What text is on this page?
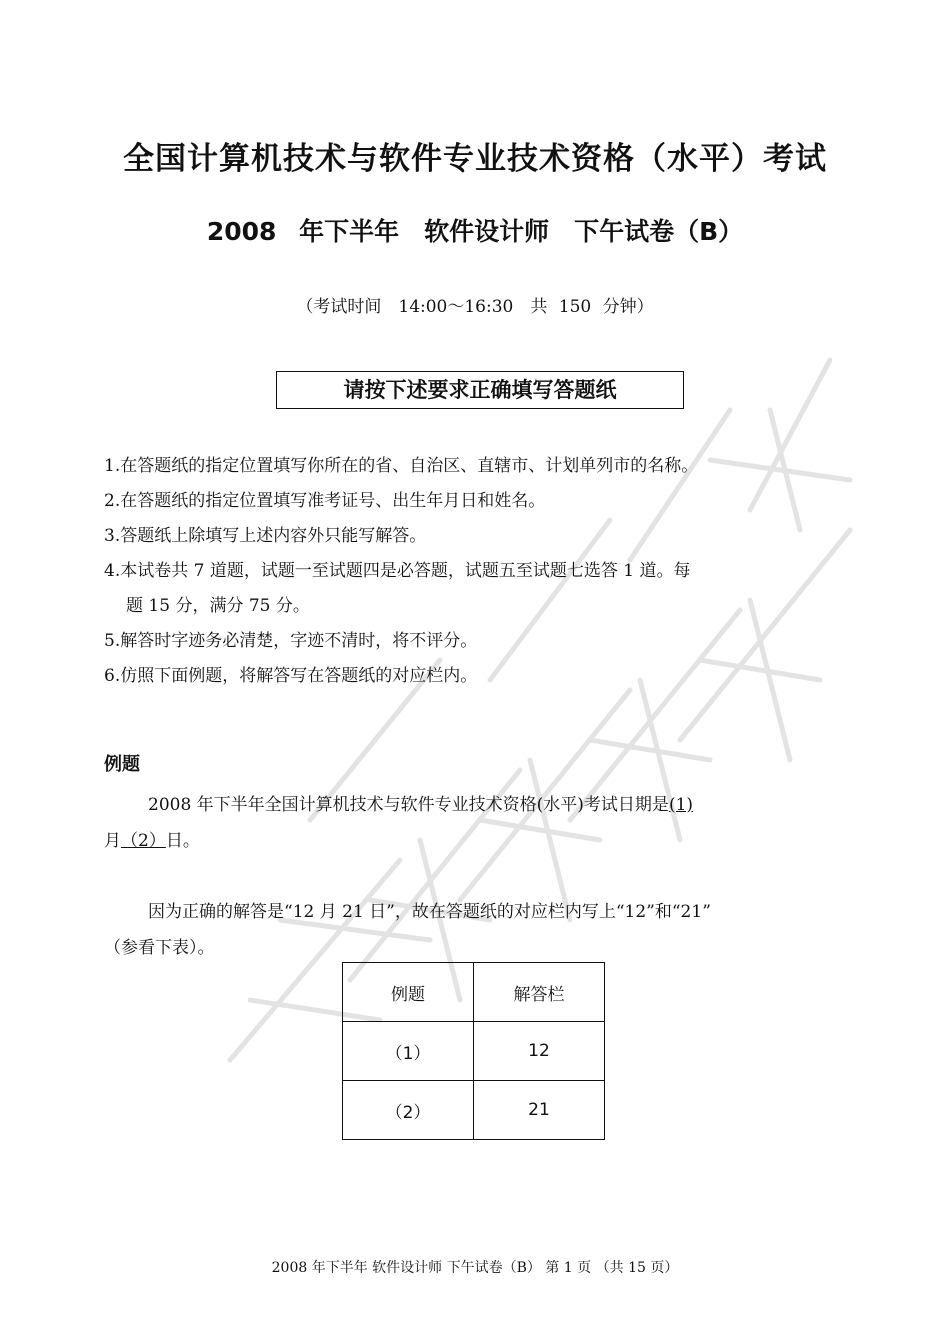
全国计算机技术与软件专业技术资格（水平）考试
2008 年下半年　软件设计师　下午试卷（B）
（考试时间　14:00～16:30　共 150 分钟）
请按下述要求正确填写答题纸
1.在答题纸的指定位置填写你所在的省、自治区、直辖市、计划单列市的名称。
2.在答题纸的指定位置填写准考证号、出生年月日和姓名。
3.答题纸上除填写上述内容外只能写解答。
4.本试卷共 7 道题，试题一至试题四是必答题，试题五至试题七选答 1 道。每
题 15 分，满分 75 分。
5.解答时字迹务必清楚，字迹不清时，将不评分。
6.仿照下面例题，将解答写在答题纸的对应栏内。
例题
2008 年下半年全国计算机技术与软件专业技术资格(水平)考试日期是(1)
月（2）日。
因为正确的解答是“12 月 21 日”，故在答题纸的对应栏内写上“12”和“21”
（参看下表）。
例题	解答栏
（1）	12
（2）	21
2008 年下半年 软件设计师 下午试卷（B） 第 1 页 （共 15 页）
